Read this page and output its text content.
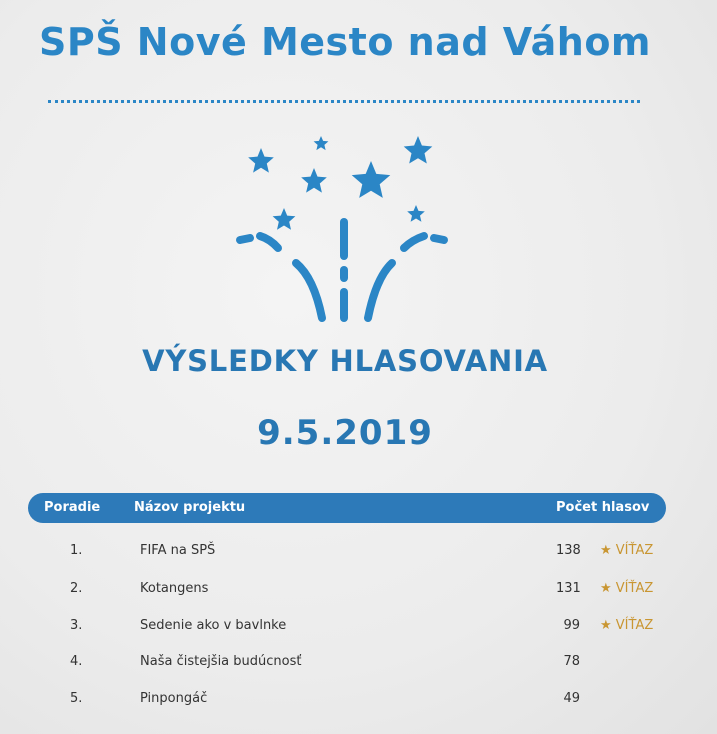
SPŠ Nové Mesto nad Váhom
VÝSLEDKY HLASOVANIA
9.5.2019
Poradie	Názov projektu	Počet hlasov
1.	FIFA na SPŠ	138 ★ VÍŤAZ
2.	Kotangens	131 ★ VÍŤAZ
3.	Sedenie ako v bavlnke	99 ★ VÍŤAZ
4.	Naša čistejšia budúcnosť	78
5.	Pinpongáč	49
